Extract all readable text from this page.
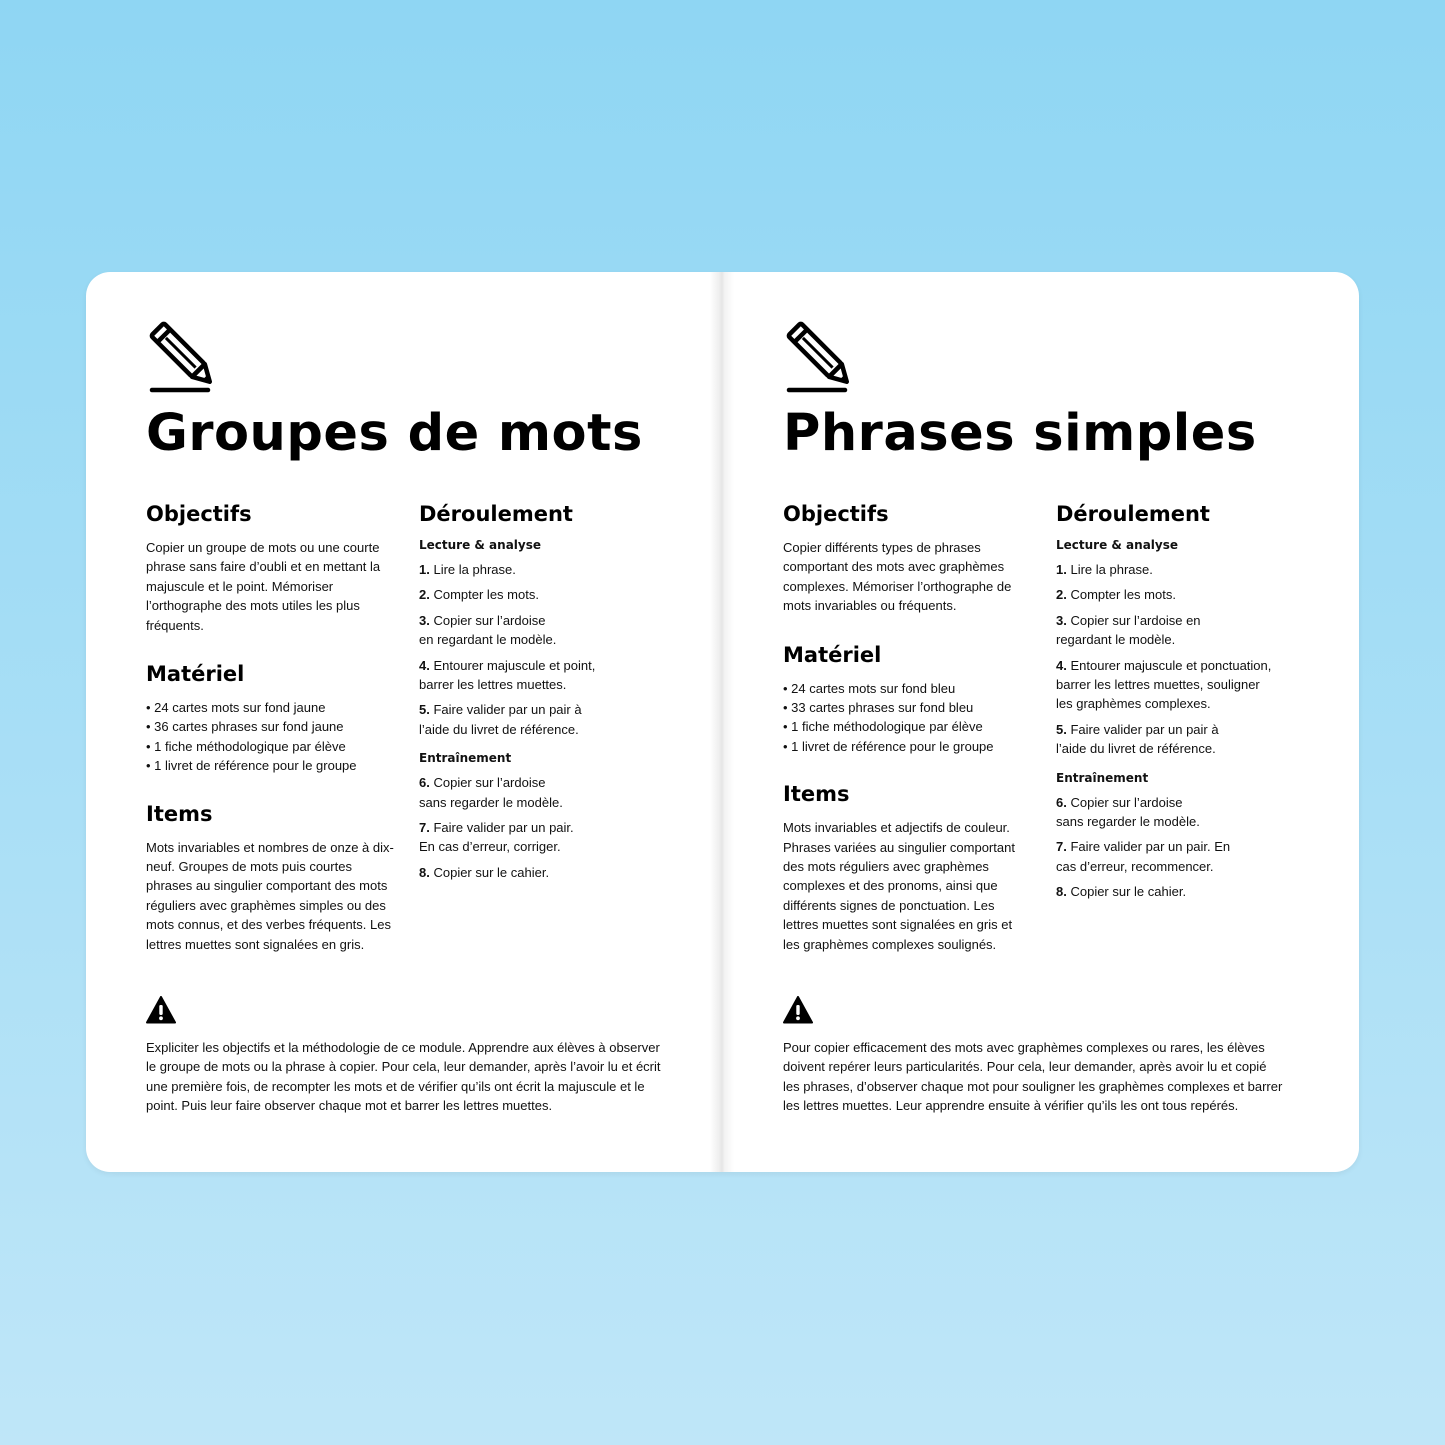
Groupes de mots
Objectifs

Copier un groupe de mots ou une courte phrase sans faire d’oubli et en mettant la majuscule et le point. Mémoriser l’orthographe des mots utiles les plus fréquents.

Matériel
• 24 cartes mots sur fond jaune
• 36 cartes phrases sur fond jaune
• 1 fiche méthodologique par élève
• 1 livret de référence pour le groupe
Items

Mots invariables et nombres de onze à dix-neuf. Groupes de mots puis courtes phrases au singulier comportant des mots réguliers avec graphèmes simples ou des mots connus, et des verbes fréquents. Les lettres muettes sont signalées en gris.

Déroulement
Lecture & analyse

1. Lire la phrase.

2. Compter les mots.

3. Copier sur l’ardoise en regardant le modèle.

4. Entourer majuscule et point, barrer les lettres muettes.

5. Faire valider par un pair à l’aide du livret de référence.

Entraînement

6. Copier sur l’ardoise sans regarder le modèle.

7. Faire valider par un pair. En cas d’erreur, corriger.

8. Copier sur le cahier.

Expliciter les objectifs et la méthodologie de ce module. Apprendre aux élèves à observer le groupe de mots ou la phrase à copier. Pour cela, leur demander, après l’avoir lu et écrit une première fois, de recompter les mots et de vérifier qu’ils ont écrit la majuscule et le point. Puis leur faire observer chaque mot et barrer les lettres muettes.

Phrases simples
Objectifs

Copier différents types de phrases comportant des mots avec graphèmes complexes. Mémoriser l’orthographe de mots invariables ou fréquents.

Matériel
• 24 cartes mots sur fond bleu
• 33 cartes phrases sur fond bleu
• 1 fiche méthodologique par élève
• 1 livret de référence pour le groupe
Items

Mots invariables et adjectifs de couleur. Phrases variées au singulier comportant des mots réguliers avec graphèmes complexes et des pronoms, ainsi que différents signes de ponctuation. Les lettres muettes sont signalées en gris et les graphèmes complexes soulignés.

Déroulement
Lecture & analyse

1. Lire la phrase.

2. Compter les mots.

3. Copier sur l’ardoise en regardant le modèle.

4. Entourer majuscule et ponctuation, barrer les lettres muettes, souligner les graphèmes complexes.

5. Faire valider par un pair à l’aide du livret de référence.

Entraînement

6. Copier sur l’ardoise sans regarder le modèle.

7. Faire valider par un pair. En cas d’erreur, recommencer.

8. Copier sur le cahier.

Pour copier efficacement des mots avec graphèmes complexes ou rares, les élèves doivent repérer leurs particularités. Pour cela, leur demander, après avoir lu et copié les phrases, d’observer chaque mot pour souligner les graphèmes complexes et barrer les lettres muettes. Leur apprendre ensuite à vérifier qu’ils les ont tous repérés.
